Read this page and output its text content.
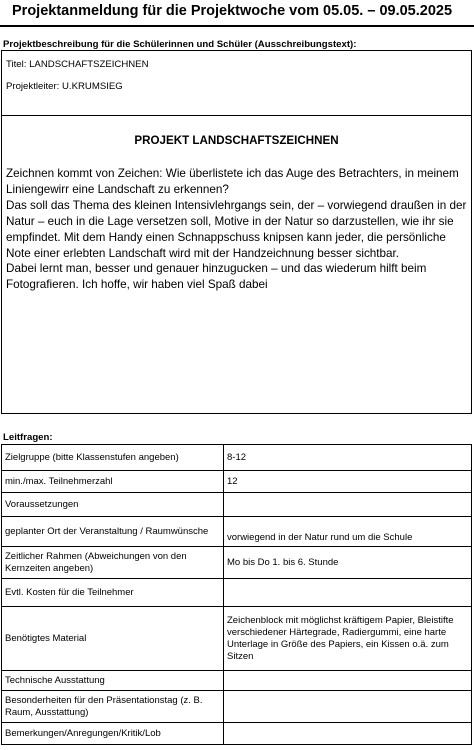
Projektanmeldung für die Projektwoche vom 05.05. – 09.05.2025
Projektbeschreibung für die Schülerinnen und Schüler (Ausschreibungstext):
Titel: LANDSCHAFTSZEICHNEN
Projektleiter: U.KRUMSIEG
PROJEKT LANDSCHAFTSZEICHNEN

Zeichnen kommt von Zeichen: Wie überlistete ich das Auge des Betrachters, in meinem Liniengewirr eine Landschaft zu erkennen?

Das soll das Thema des kleinen Intensivlehrgangs sein, der – vorwiegend draußen in der Natur – euch in die Lage versetzen soll, Motive in der Natur so darzustellen, wie ihr sie empfindet. Mit dem Handy einen Schnappschuss knipsen kann jeder, die persönliche Note einer erlebten Landschaft wird mit der Handzeichnung besser sichtbar.

Dabei lernt man, besser und genauer hinzugucken – und das wiederum hilft beim Fotografieren. Ich hoffe, wir haben viel Spaß dabei

Leitfragen:
Zielgruppe (bitte Klassenstufen angeben)	8-12
min./max. Teilnehmerzahl	12
Voraussetzungen	
geplanter Ort der Veranstaltung / Raumwünsche	vorwiegend in der Natur rund um die Schule
Zeitlicher Rahmen (Abweichungen von den Kernzeiten angeben)	Mo bis Do 1. bis 6. Stunde
Evtl. Kosten für die Teilnehmer	
Benötigtes Material	Zeichenblock mit möglichst kräftigem Papier, Bleistifte verschiedener Härtegrade, Radiergummi, eine harte Unterlage in Größe des Papiers, ein Kissen o.ä. zum Sitzen
Technische Ausstattung	
Besonderheiten für den Präsentationstag (z. B. Raum, Ausstattung)	
Bemerkungen/Anregungen/Kritik/Lob	
